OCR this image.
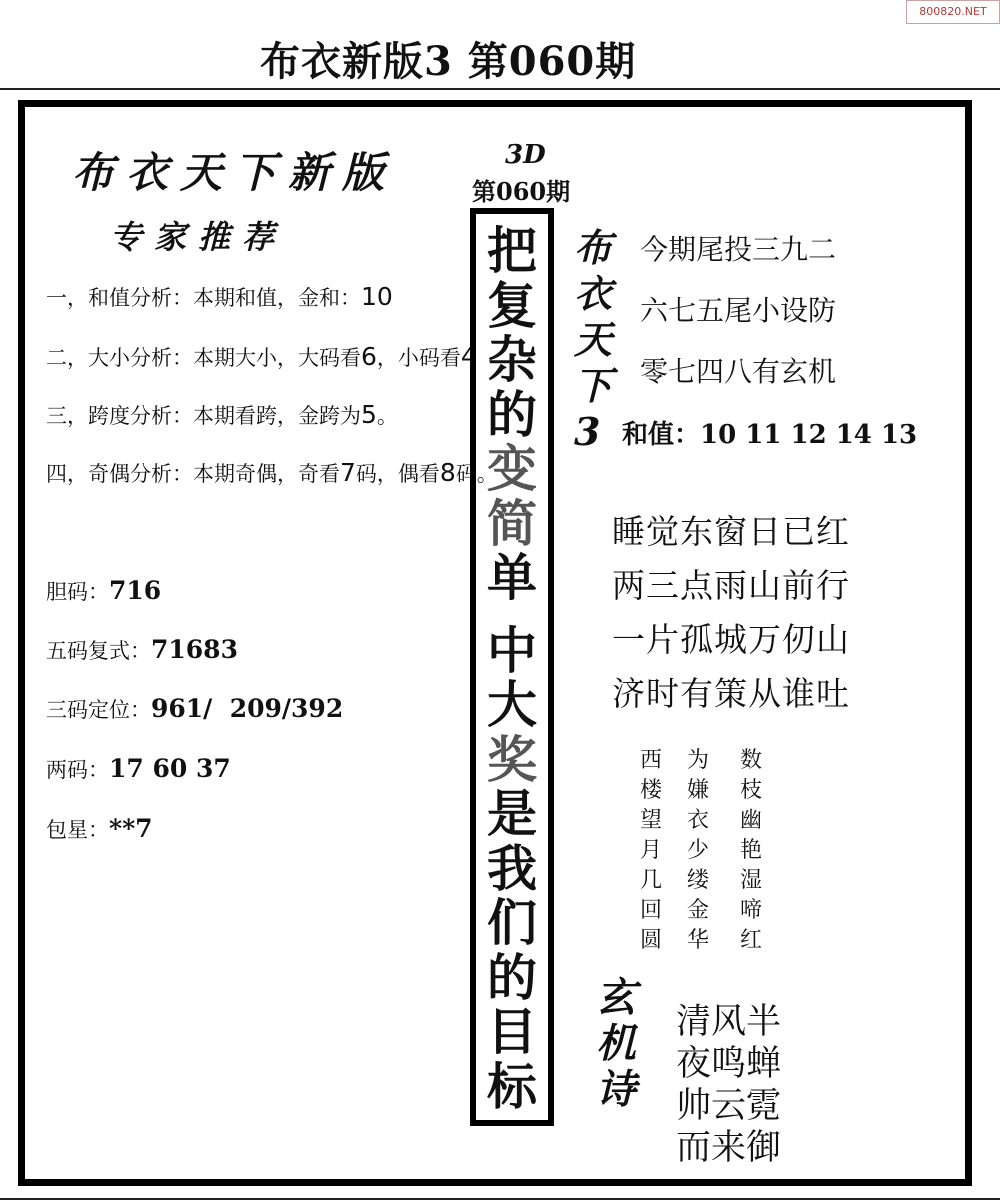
布衣新版3 第060期
800820.NET
布衣天下新版
专家推荐
一，和值分析：本期和值，金和：10
二，大小分析：本期大小，大码看6，小码看4
三，跨度分析：本期看跨，金跨为5。
四，奇偶分析：本期奇偶，奇看7码，偶看8码。
胆码：716
五码复式：71683
三码定位：961/  209/392
两码：17 60 37
包星：**7
3D
第060期
把
复
杂
的
变
简
单
中
大
奖
是
我
们
的
目
标
布
衣
天
下
3
今期尾投三九二
六七五尾小设防
零七四八有玄机
和值：10 11 12 14 13
睡觉东窗日已红
两三点雨山前行
一片孤城万仞山
济时有策从谁吐
西	为	数
楼	嫌	枝
望	衣	幽
月	少	艳
几	缕	湿
回	金	啼
圆	华	红
玄
机
诗
清风半
夜鸣蝉
帅云霓
而来御
